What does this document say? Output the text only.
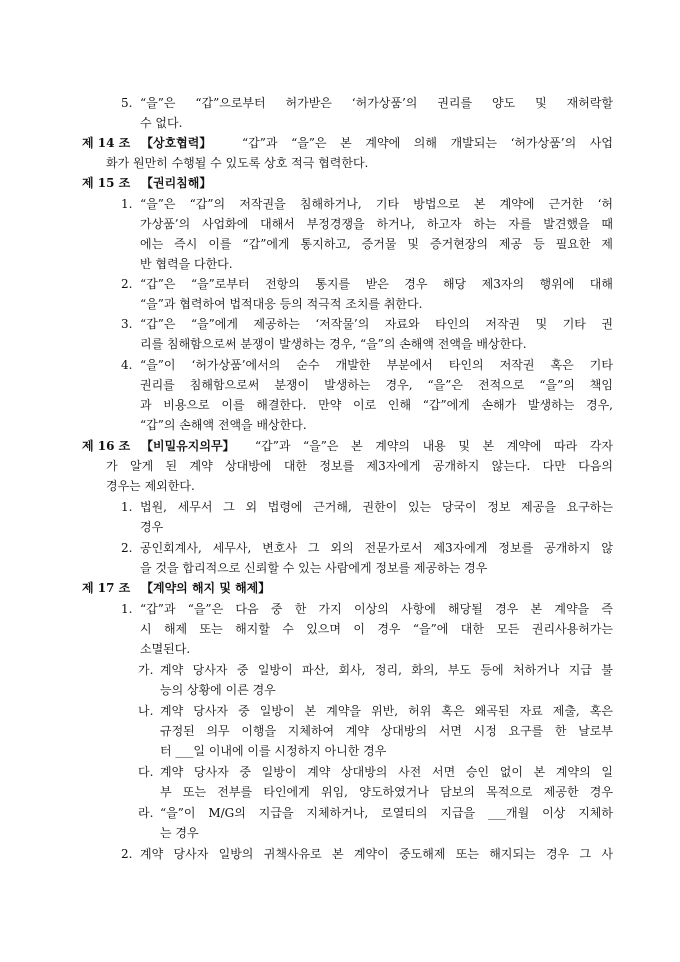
5. “을”은 “갑”으로부터 허가받은 ‘허가상품’의 권리를 양도 및 재허락할
수 없다.
제 14 조 【상호협력】	“갑”과 “을”은 본 계약에 의해 개발되는 ‘허가상품’의 사업
화가 원만히 수행될 수 있도록 상호 적극 협력한다.
제 15 조 【권리침해】
1. “을”은 “갑”의 저작권을 침해하거나, 기타 방법으로 본 계약에 근거한 ‘허
가상품’의 사업화에 대해서 부정경쟁을 하거나, 하고자 하는 자를 발견했을 때
에는 즉시 이를 “갑”에게 통지하고, 증거물 및 증거현장의 제공 등 필요한 제
반 협력을 다한다.
2. “갑”은 “을”로부터 전항의 통지를 받은 경우 해당 제3자의 행위에 대해
“을”과 협력하여 법적대응 등의 적극적 조치를 취한다.
3. “갑”은 “을”에게 제공하는 ‘저작물’의 자료와 타인의 저작권 및 기타 권
리를 침해함으로써 분쟁이 발생하는 경우, “을”의 손해액 전액을 배상한다.
4. “을”이 ‘허가상품’에서의 순수 개발한 부분에서 타인의 저작권 혹은 기타
권리를 침해함으로써 분쟁이 발생하는 경우, “을”은 전적으로 “을”의 책임
과 비용으로 이를 해결한다. 만약 이로 인해 “갑”에게 손해가 발생하는 경우,
“갑”의 손해액 전액을 배상한다.
제 16 조 【비밀유지의무】 “갑”과 “을”은 본 계약의 내용 및 본 계약에 따라 각자
가 알게 된 계약 상대방에 대한 정보를 제3자에게 공개하지 않는다. 다만 다음의
경우는 제외한다.
1. 법원, 세무서 그 외 법령에 근거해, 권한이 있는 당국이 정보 제공을 요구하는
경우
2. 공인회계사, 세무사, 변호사 그 외의 전문가로서 제3자에게 정보를 공개하지 않
을 것을 합리적으로 신뢰할 수 있는 사람에게 정보를 제공하는 경우
제 17 조 【계약의 해지 및 해제】
1. “갑”과 “을”은 다음 중 한 가지 이상의 사항에 해당될 경우 본 계약을 즉
시 해제 또는 해지할 수 있으며 이 경우 “을”에 대한 모든 권리사용허가는
소멸된다.
가. 계약 당사자 중 일방이 파산, 회사, 정리, 화의, 부도 등에 처하거나 지급 불
능의 상황에 이른 경우
나. 계약 당사자 중 일방이 본 계약을 위반, 허위 혹은 왜곡된 자료 제출, 혹은
규정된 의무 이행을 지체하여 계약 상대방의 서면 시정 요구를 한 날로부
터 ___일 이내에 이를 시정하지 아니한 경우
다. 계약 당사자 중 일방이 계약 상대방의 사전 서면 승인 없이 본 계약의 일
부 또는 전부를 타인에게 위임, 양도하였거나 담보의 목적으로 제공한 경우
라. “을”이 M/G의 지급을 지체하거나, 로열티의 지급을 ___개월 이상 지체하
는 경우
2. 계약 당사자 일방의 귀책사유로 본 계약이 중도해제 또는 해지되는 경우 그 사
